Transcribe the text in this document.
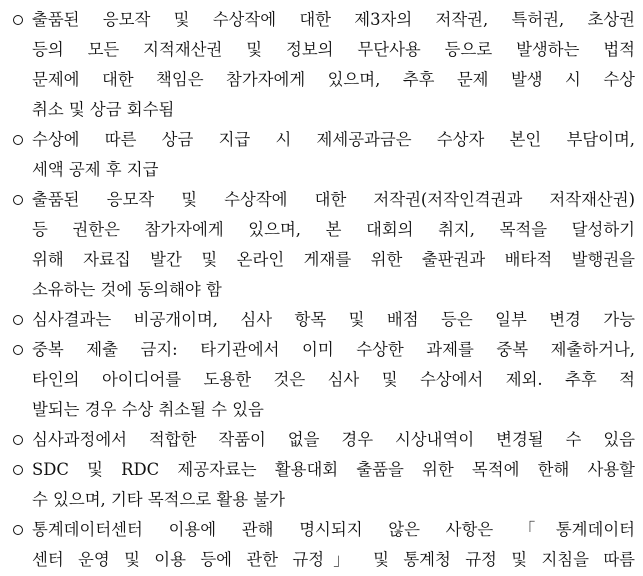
출품된 응모작 및 수상작에 대한 제3자의 저작권, 특허권, 초상권
등의 모든 지적재산권 및 정보의 무단사용 등으로 발생하는 법적
문제에 대한 책임은 참가자에게 있으며, 추후 문제 발생 시 수상
취소 및 상금 회수됨
수상에 따른 상금 지급 시 제세공과금은 수상자 본인 부담이며,
세액 공제 후 지급
출품된 응모작 및 수상작에 대한 저작권(저작인격권과 저작재산권)
등 권한은 참가자에게 있으며, 본 대회의 취지, 목적을 달성하기
위해 자료집 발간 및 온라인 게재를 위한 출판권과 배타적 발행권을
소유하는 것에 동의해야 함
심사결과는 비공개이며, 심사 항목 및 배점 등은 일부 변경 가능
중복 제출 금지: 타기관에서 이미 수상한 과제를 중복 제출하거나,
타인의 아이디어를 도용한 것은 심사 및 수상에서 제외. 추후 적
발되는 경우 수상 취소될 수 있음
심사과정에서 적합한 작품이 없을 경우 시상내역이 변경될 수 있음
SDC 및 RDC 제공자료는 활용대회 출품을 위한 목적에 한해 사용할
수 있으며, 기타 목적으로 활용 불가
통계데이터센터 이용에 관해 명시되지 않은 사항은 「통계데이터
센터 운영 및 이용 등에 관한 규정」 및 통계청 규정 및 지침을 따름
